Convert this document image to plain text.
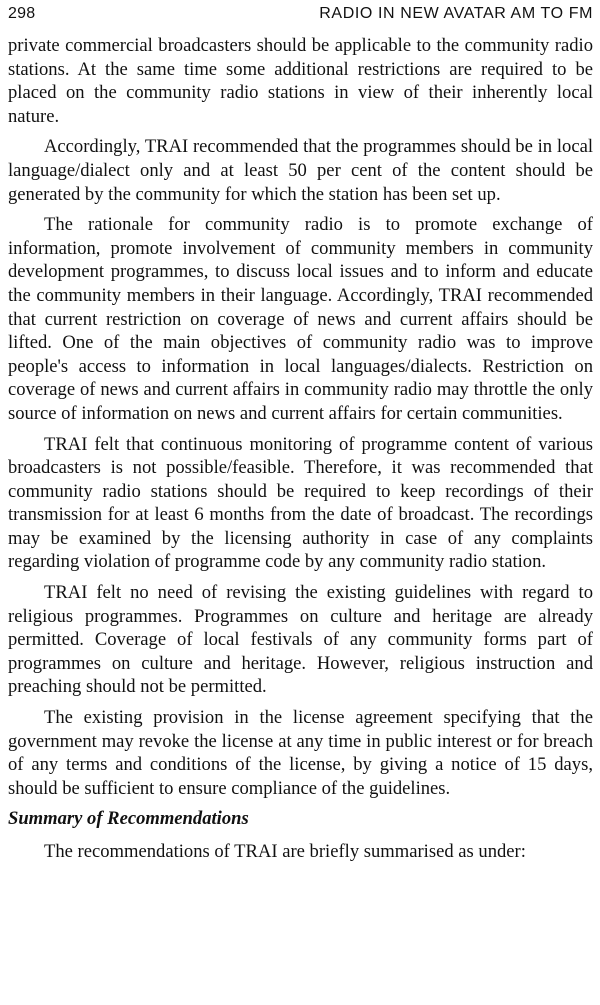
298	RADIO IN NEW AVATAR AM TO FM

private commercial broadcasters should be applicable to the community radio stations. At the same time some additional restrictions are required to be placed on the community radio stations in view of their inherently local nature.

Accordingly, TRAI recommended that the programmes should be in local language/dialect only and at least 50 per cent of the content should be generated by the community for which the station has been set up.

The rationale for community radio is to promote exchange of information, promote involvement of community members in community development programmes, to discuss local issues and to inform and educate the community members in their language. Accordingly, TRAI recommended that current restriction on coverage of news and current affairs should be lifted. One of the main objectives of community radio was to improve people's access to information in local languages/dialects. Restriction on coverage of news and current affairs in community radio may throttle the only source of information on news and current affairs for certain communities.

TRAI felt that continuous monitoring of programme content of various broadcasters is not possible/feasible. Therefore, it was recommended that community radio stations should be required to keep recordings of their transmission for at least 6 months from the date of broadcast. The recordings may be examined by the licensing authority in case of any complaints regarding violation of programme code by any community radio station.

TRAI felt no need of revising the existing guidelines with regard to religious programmes. Programmes on culture and heritage are already permitted. Coverage of local festivals of any community forms part of programmes on culture and heritage. However, religious instruction and preaching should not be permitted.

The existing provision in the license agreement specifying that the government may revoke the license at any time in public interest or for breach of any terms and conditions of the license, by giving a notice of 15 days, should be sufficient to ensure compliance of the guidelines.

Summary of Recommendations

The recommendations of TRAI are briefly summarised as under:
